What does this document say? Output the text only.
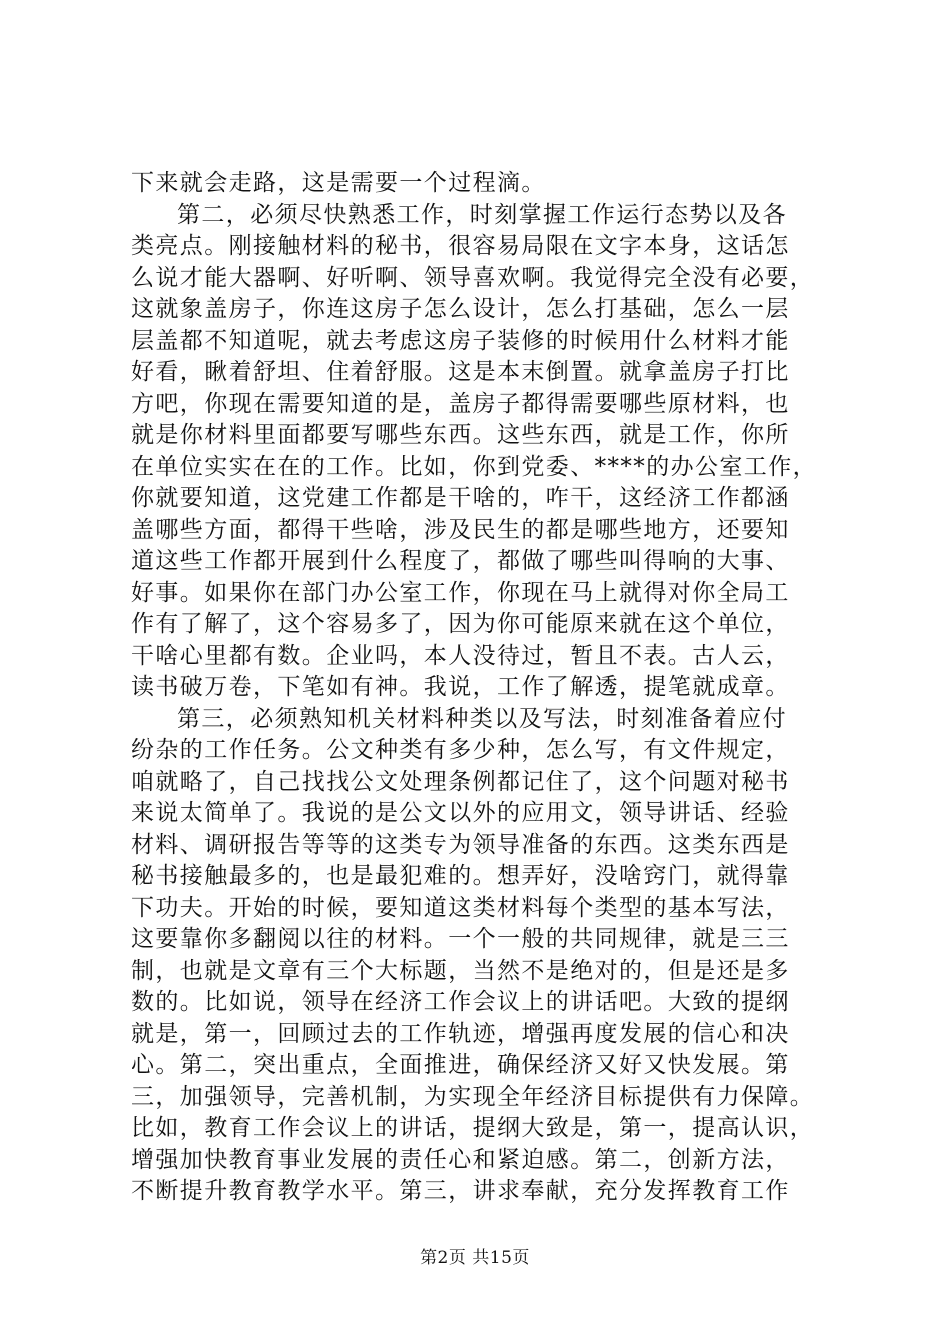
下来就会走路，这是需要一个过程滴。
第二，必须尽快熟悉工作，时刻掌握工作运行态势以及各
类亮点。刚接触材料的秘书，很容易局限在文字本身，这话怎
么说才能大器啊、好听啊、领导喜欢啊。我觉得完全没有必要，
这就象盖房子，你连这房子怎么设计，怎么打基础，怎么一层
层盖都不知道呢，就去考虑这房子装修的时候用什么材料才能
好看，瞅着舒坦、住着舒服。这是本末倒置。就拿盖房子打比
方吧，你现在需要知道的是，盖房子都得需要哪些原材料，也
就是你材料里面都要写哪些东西。这些东西，就是工作，你所
在单位实实在在的工作。比如，你到党委、****的办公室工作，
你就要知道，这党建工作都是干啥的，咋干，这经济工作都涵
盖哪些方面，都得干些啥，涉及民生的都是哪些地方，还要知
道这些工作都开展到什么程度了，都做了哪些叫得响的大事、
好事。如果你在部门办公室工作，你现在马上就得对你全局工
作有了解了，这个容易多了，因为你可能原来就在这个单位，
干啥心里都有数。企业吗，本人没待过，暂且不表。古人云，
读书破万卷，下笔如有神。我说，工作了解透，提笔就成章。
第三，必须熟知机关材料种类以及写法，时刻准备着应付
纷杂的工作任务。公文种类有多少种，怎么写，有文件规定，
咱就略了，自己找找公文处理条例都记住了，这个问题对秘书
来说太简单了。我说的是公文以外的应用文，领导讲话、经验
材料、调研报告等等的这类专为领导准备的东西。这类东西是
秘书接触最多的，也是最犯难的。想弄好，没啥窍门，就得靠
下功夫。开始的时候，要知道这类材料每个类型的基本写法，
这要靠你多翻阅以往的材料。一个一般的共同规律，就是三三
制，也就是文章有三个大标题，当然不是绝对的，但是还是多
数的。比如说，领导在经济工作会议上的讲话吧。大致的提纲
就是，第一，回顾过去的工作轨迹，增强再度发展的信心和决
心。第二，突出重点，全面推进，确保经济又好又快发展。第
三，加强领导，完善机制，为实现全年经济目标提供有力保障。
比如，教育工作会议上的讲话，提纲大致是，第一，提高认识，
增强加快教育事业发展的责任心和紧迫感。第二，创新方法，
不断提升教育教学水平。第三，讲求奉献，充分发挥教育工作
第2页 共15页
